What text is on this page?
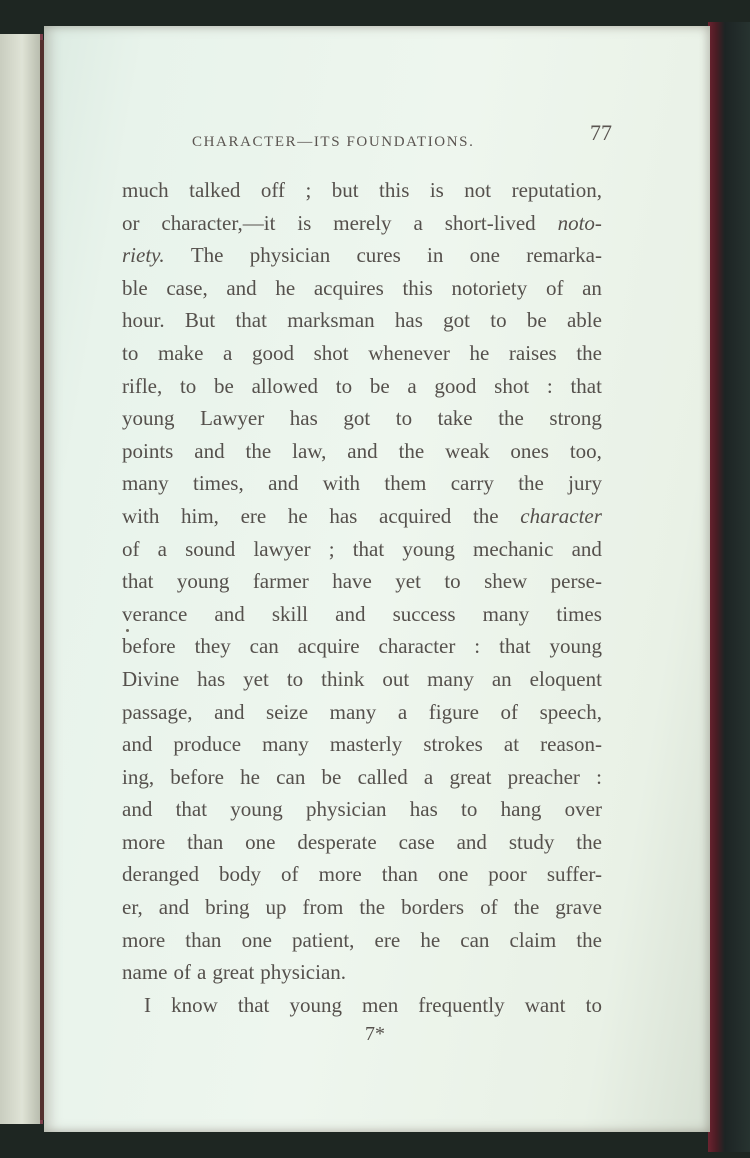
CHARACTER—ITS FOUNDATIONS.	77
much talked off ; but this is not reputation,
or character,—it is merely a short-lived noto-
riety. The physician cures in one remarka-
ble case, and he acquires this notoriety of an
hour. But that marksman has got to be able
to make a good shot whenever he raises the
rifle, to be allowed to be a good shot : that
young Lawyer has got to take the strong
points and the law, and the weak ones too,
many times, and with them carry the jury
with him, ere he has acquired the character
of a sound lawyer ; that young mechanic and
that young farmer have yet to shew perse-
verance and skill and success many times
before they can acquire character : that young
Divine has yet to think out many an eloquent
passage, and seize many a figure of speech,
and produce many masterly strokes at reason-
ing, before he can be called a great preacher :
and that young physician has to hang over
more than one desperate case and study the
deranged body of more than one poor suffer-
er, and bring up from the borders of the grave
more than one patient, ere he can claim the
name of a great physician.
I know that young men frequently want to
7*
